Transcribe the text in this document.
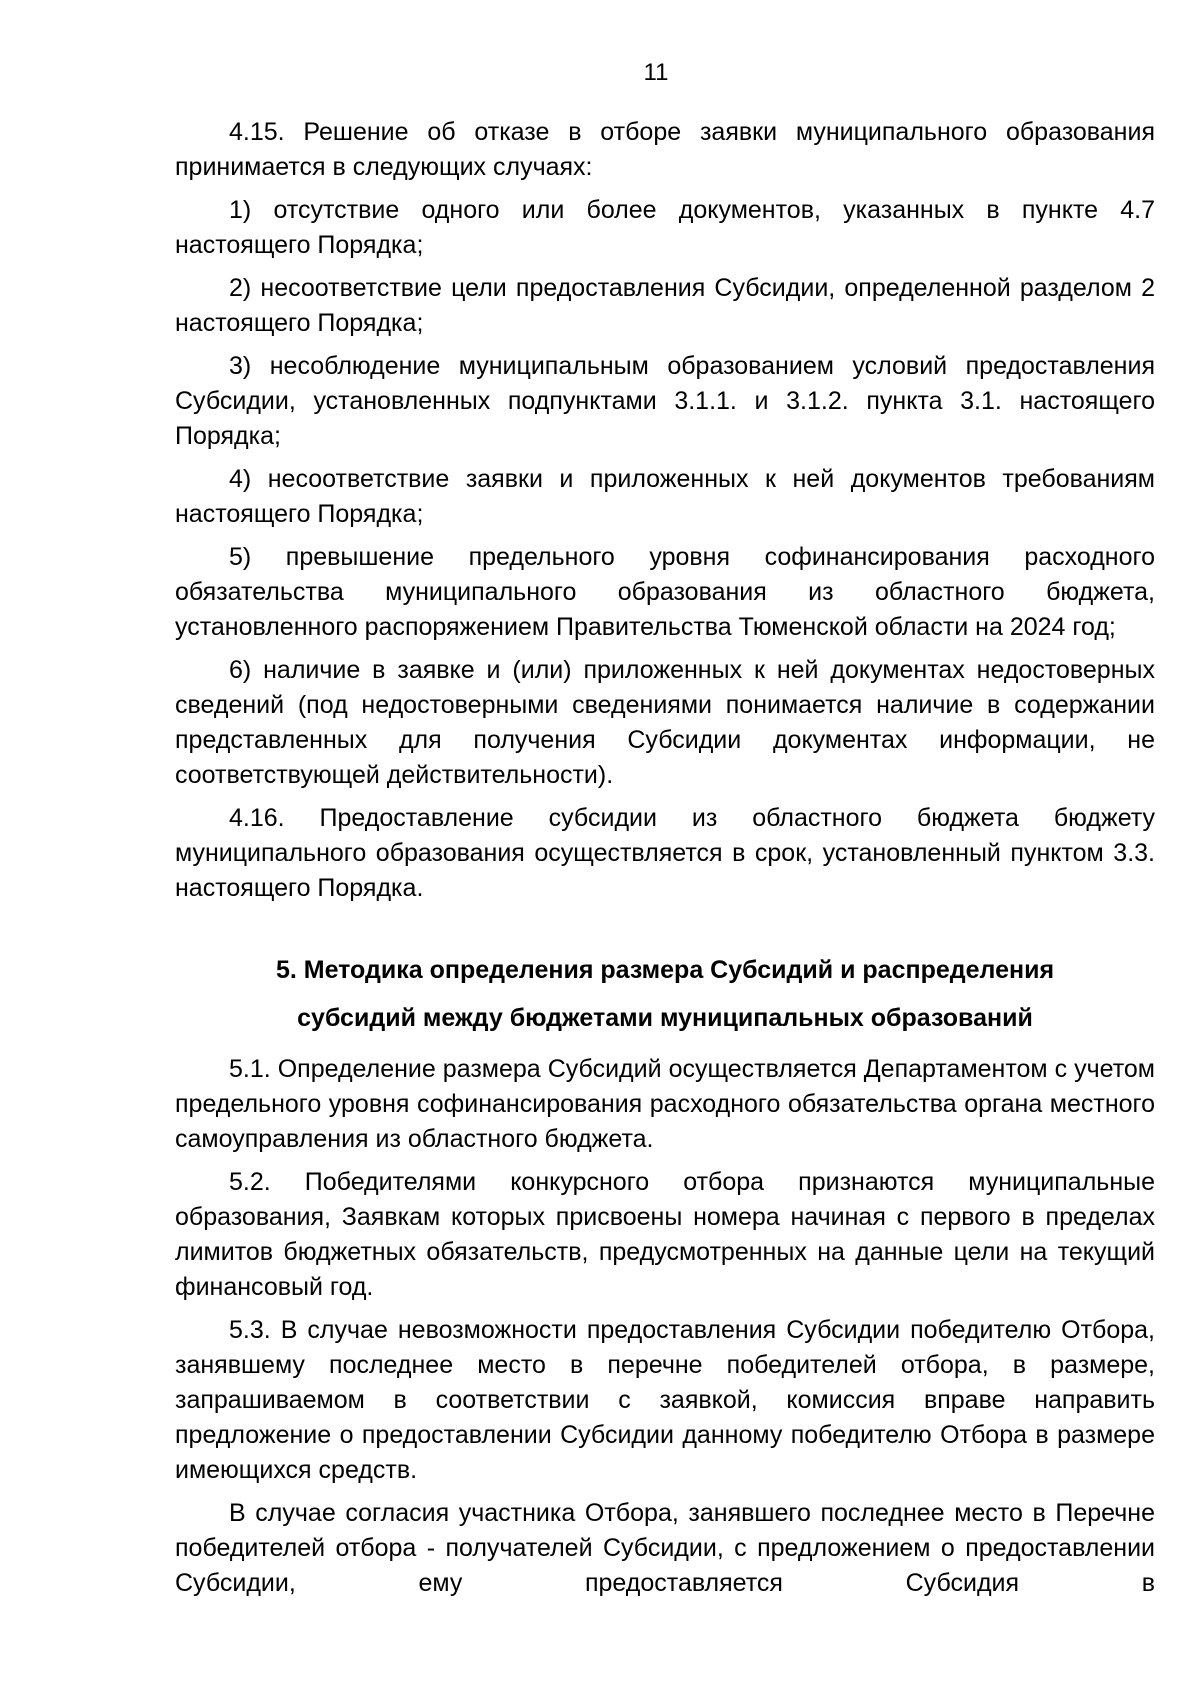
11

4.15. Решение об отказе в отборе заявки муниципального образования принимается в следующих случаях:

1) отсутствие одного или более документов, указанных в пункте 4.7 настоящего Порядка;

2) несоответствие цели предоставления Субсидии, определенной разделом 2 настоящего Порядка;

3) несоблюдение муниципальным образованием условий предоставления Субсидии, установленных подпунктами 3.1.1. и 3.1.2. пункта 3.1. настоящего Порядка;

4) несоответствие заявки и приложенных к ней документов требованиям настоящего Порядка;

5) превышение предельного уровня софинансирования расходного обязательства муниципального образования из областного бюджета, установленного распоряжением Правительства Тюменской области на 2024 год;

6) наличие в заявке и (или) приложенных к ней документах недостоверных сведений (под недостоверными сведениями понимается наличие в содержании представленных для получения Субсидии документах информации, не соответствующей действительности).

4.16. Предоставление субсидии из областного бюджета бюджету муниципального образования осуществляется в срок, установленный пунктом 3.3. настоящего Порядка.

5. Методика определения размера Субсидий и распределения

субсидий между бюджетами муниципальных образований

5.1. Определение размера Субсидий осуществляется Департаментом с учетом предельного уровня софинансирования расходного обязательства органа местного самоуправления из областного бюджета.

5.2. Победителями конкурсного отбора признаются муниципальные образования, Заявкам которых присвоены номера начиная с первого в пределах лимитов бюджетных обязательств, предусмотренных на данные цели на текущий финансовый год.

5.3. В случае невозможности предоставления Субсидии победителю Отбора, занявшему последнее место в перечне победителей отбора, в размере, запрашиваемом в соответствии с заявкой, комиссия вправе направить предложение о предоставлении Субсидии данному победителю Отбора в размере имеющихся средств.

В случае согласия участника Отбора, занявшего последнее место в Перечне победителей отбора - получателей Субсидии, с предложением о предоставлении Субсидии, ему предоставляется Субсидия в
